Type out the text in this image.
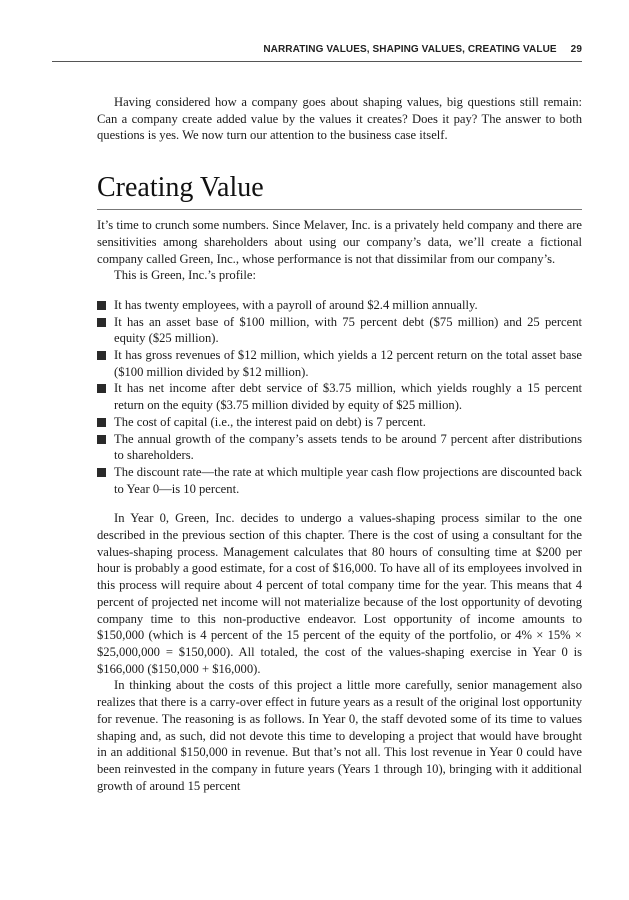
NARRATING VALUES, SHAPING VALUES, CREATING VALUE 29

Having considered how a company goes about shaping values, big questions still remain: Can a company create added value by the values it creates? Does it pay? The answer to both questions is yes. We now turn our attention to the business case itself.

Creating Value

It’s time to crunch some numbers. Since Melaver, Inc. is a privately held company and there are sensitivities among shareholders about using our company’s data, we’ll create a fictional company called Green, Inc., whose performance is not that dissimilar from our company’s.

This is Green, Inc.’s profile:

It has twenty employees, with a payroll of around $2.4 million annually.
It has an asset base of $100 million, with 75 percent debt ($75 million) and 25 percent equity ($25 million).
It has gross revenues of $12 million, which yields a 12 percent return on the total asset base ($100 million divided by $12 million).
It has net income after debt service of $3.75 million, which yields roughly a 15 percent return on the equity ($3.75 million divided by equity of $25 million).
The cost of capital (i.e., the interest paid on debt) is 7 percent.
The annual growth of the company’s assets tends to be around 7 percent after distributions to shareholders.
The discount rate—the rate at which multiple year cash flow projections are discounted back to Year 0—is 10 percent.

In Year 0, Green, Inc. decides to undergo a values-shaping process similar to the one described in the previous section of this chapter. There is the cost of using a consultant for the values-shaping process. Management calculates that 80 hours of consulting time at $200 per hour is probably a good estimate, for a cost of $16,000. To have all of its employees involved in this process will require about 4 percent of total company time for the year. This means that 4 percent of projected net income will not materialize because of the lost opportunity of devoting company time to this non-productive endeavor. Lost opportunity of income amounts to $150,000 (which is 4 percent of the 15 percent of the equity of the portfolio, or 4% × 15% × $25,000,000 = $150,000). All totaled, the cost of the values-shaping exercise in Year 0 is $166,000 ($150,000 + $16,000).

In thinking about the costs of this project a little more carefully, senior management also realizes that there is a carry-over effect in future years as a result of the original lost opportunity for revenue. The reasoning is as follows. In Year 0, the staff devoted some of its time to values shaping and, as such, did not devote this time to developing a project that would have brought in an additional $150,000 in revenue. But that’s not all. This lost revenue in Year 0 could have been reinvested in the company in future years (Years 1 through 10), bringing with it additional growth of around 15 percent
